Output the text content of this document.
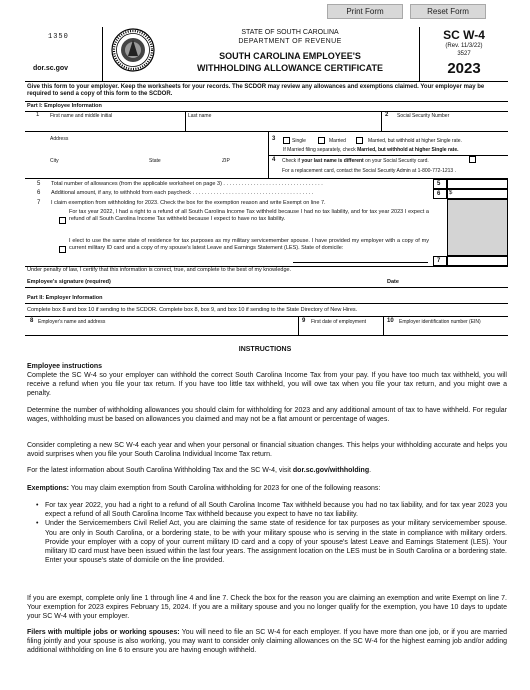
Print Form	Reset Form
1350
dor.sc.gov
STATE OF SOUTH CAROLINA
DEPARTMENT OF REVENUE
SOUTH CAROLINA EMPLOYEE'S
WITHHOLDING ALLOWANCE CERTIFICATE
SC W-4
(Rev. 11/3/22)
3527
2023
Give this form to your employer. Keep the worksheets for your records. The SCDOR may review any allowances and exemptions claimed. Your employer may be required to send a copy of this form to the SCDOR.
Part I: Employee Information
1 First name and middle initial	Last name	2 Social Security Number
Address	3	Single	Married	Married, but withhold at higher Single rate.
If Married filing separately, check Married, but withhold at higher Single rate.
City	State	ZIP	4 Check if your last name is different on your Social Security card.
For a replacement card, contact the Social Security Admin at 1-800-772-1213 .
5 Total number of allowances (from the applicable worksheet on page 3) . . . . . . . . . . . . . . . . . . . . . . . . . . . . . . . . .	5
6 Additional amount, if any, to withhold from each paycheck . . . . . . . . . . . . . . . . . . . . . . . . . . . . . . . . . . . . . . . .	6 $
7 I claim exemption from withholding for 2023. Check the box for the exemption reason and write Exempt on line 7.
For tax year 2022, I had a right to a refund of all South Carolina Income Tax withheld because I had no tax liability, and for tax year 2023 I expect a refund of all South Carolina Income Tax withheld because I expect to have no tax liability.
I elect to use the same state of residence for tax purposes as my military servicemember spouse. I have provided my employer with a copy of my current military ID card and a copy of my spouse's latest Leave and Earnings Statement (LES). State of domicile:
7
Under penalty of law, I certify that this information is correct, true, and complete to the best of my knowledge.
Employee's signature (required)	Date
Part II: Employer Information
Complete box 8 and box 10 if sending to the SCDOR. Complete box 8, box 9, and box 10 if sending to the State Directory of New Hires.
8 Employer's name and address	9 First date of employment	10 Employer identification number (EIN)
INSTRUCTIONS
Employee instructions

Complete the SC W-4 so your employer can withhold the correct South Carolina Income Tax from your pay. If you have too much tax withheld, you will receive a refund when you file your tax return. If you have too little tax withheld, you will owe tax when you file your tax return, and you might owe a penalty.

Determine the number of withholding allowances you should claim for withholding for 2023 and any additional amount of tax to have withheld. For regular wages, withholding must be based on allowances you claimed and may not be a flat amount or percentage of wages.

Consider completing a new SC W-4 each year and when your personal or financial situation changes. This helps your withholding accurate and helps you avoid surprises when you file your South Carolina Individual Income Tax return.

For the latest information about South Carolina Withholding Tax and the SC W-4, visit dor.sc.gov/withholding.

Exemptions: You may claim exemption from South Carolina withholding for 2023 for one of the following reasons:

• For tax year 2022, you had a right to a refund of all South Carolina Income Tax withheld because you had no tax liability, and for tax year 2023 you expect a refund of all South Carolina Income Tax withheld because you expect to have no tax liability.
• Under the Servicemembers Civil Relief Act, you are claiming the same state of residence for tax purposes as your military servicemember spouse. You are only in South Carolina, or a bordering state, to be with your military spouse who is serving in the state in compliance with military orders. Provide your employer with a copy of your current military ID card and a copy of your spouse's latest Leave and Earnings Statement (LES). Your military ID card must have been issued within the last four years. The assignment location on the LES must be in South Carolina or a bordering state. Enter your spouse's state of domicile on the line provided.

If you are exempt, complete only line 1 through line 4 and line 7. Check the box for the reason you are claiming an exemption and write Exempt on line 7. Your exemption for 2023 expires February 15, 2024. If you are a military spouse and you no longer qualify for the exemption, you have 10 days to update your SC W-4 with your employer.

Filers with multiple jobs or working spouses: You will need to file an SC W-4 for each employer. If you have more than one job, or if you are married filing jointly and your spouse is also working, you may want to consider only claiming allowances on the SC W-4 for the highest earning job and/or adding additional withholding on line 6 to ensure you are having enough withheld.
